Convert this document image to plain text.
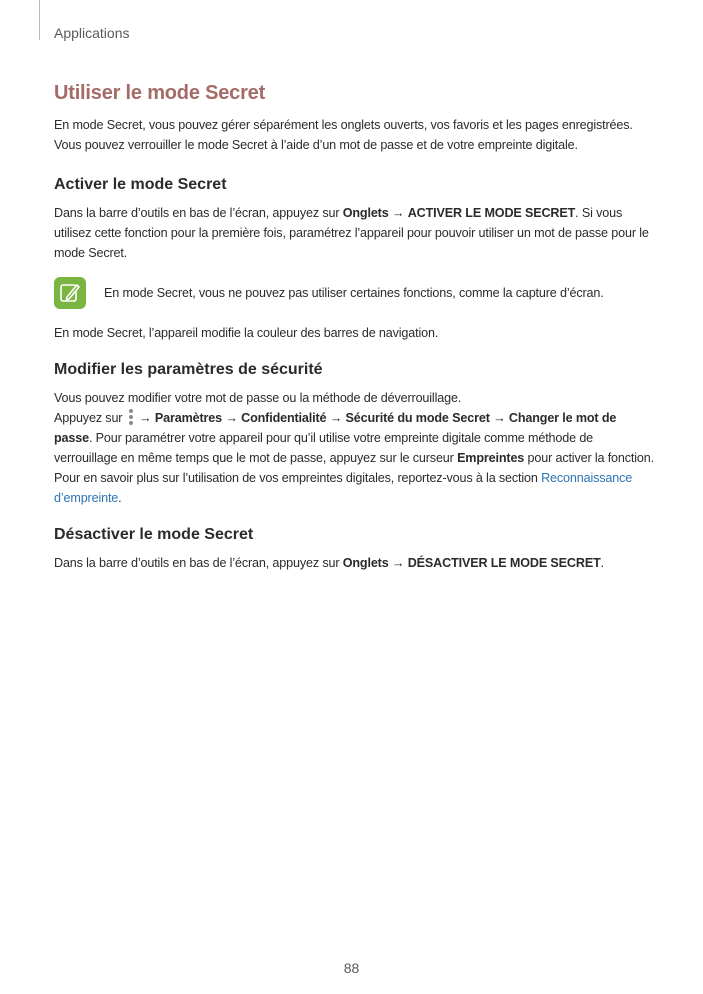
Applications
Utiliser le mode Secret

En mode Secret, vous pouvez gérer séparément les onglets ouverts, vos favoris et les pages enregistrées. Vous pouvez verrouiller le mode Secret à l’aide d’un mot de passe et de votre empreinte digitale.

Activer le mode Secret

Dans la barre d’outils en bas de l’écran, appuyez sur Onglets → ACTIVER LE MODE SECRET. Si vous utilisez cette fonction pour la première fois, paramétrez l’appareil pour pouvoir utiliser un mot de passe pour le mode Secret.

En mode Secret, vous ne pouvez pas utiliser certaines fonctions, comme la capture d’écran.

En mode Secret, l’appareil modifie la couleur des barres de navigation.

Modifier les paramètres de sécurité

Vous pouvez modifier votre mot de passe ou la méthode de déverrouillage.

Appuyez sur
→ Paramètres → Confidentialité → Sécurité du mode Secret → Changer le mot de passe. Pour paramétrer votre appareil pour qu’il utilise votre empreinte digitale comme méthode de verrouillage en même temps que le mot de passe, appuyez sur le curseur Empreintes pour activer la fonction. Pour en savoir plus sur l’utilisation de vos empreintes digitales, reportez-vous à la section Reconnaissance d’empreinte.

Désactiver le mode Secret

Dans la barre d’outils en bas de l’écran, appuyez sur Onglets → DÉSACTIVER LE MODE SECRET.

88
